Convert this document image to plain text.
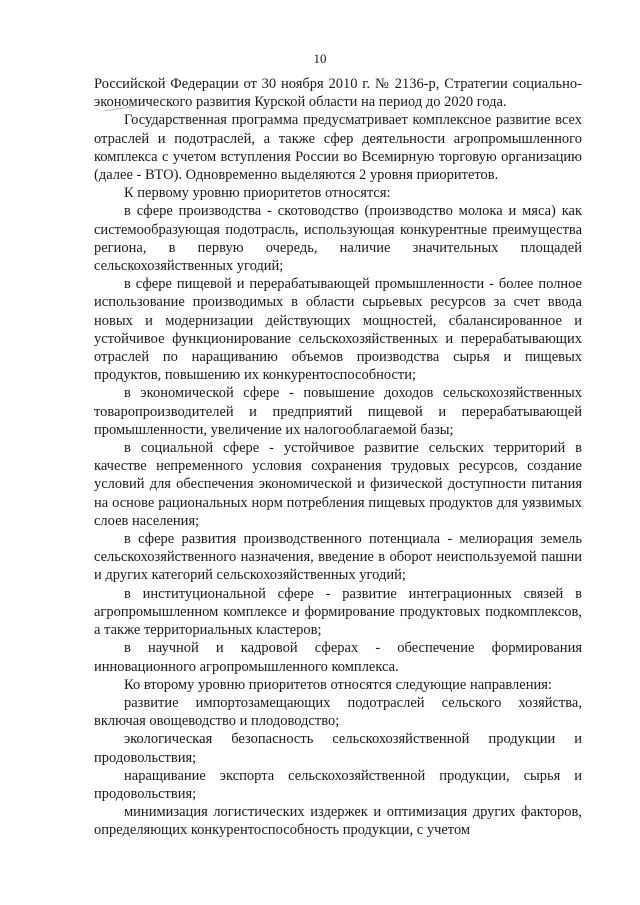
10

Российской Федерации от 30 ноября 2010 г. № 2136-р, Стратегии социально-экономического развития Курской области на период до 2020 года.

Государственная программа предусматривает комплексное развитие всех отраслей и подотраслей, а также сфер деятельности агропромышленного комплекса с учетом вступления России во Всемирную торговую организацию (далее - ВТО). Одновременно выделяются 2 уровня приоритетов.

К первому уровню приоритетов относятся:

в сфере производства - скотоводство (производство молока и мяса) как системообразующая подотрасль, использующая конкурентные преимущества региона, в первую очередь, наличие значительных площадей сельскохозяйственных угодий;

в сфере пищевой и перерабатывающей промышленности - более полное использование производимых в области сырьевых ресурсов за счет ввода новых и модернизации действующих мощностей, сбалансированное и устойчивое функционирование сельскохозяйственных и перерабатывающих отраслей по наращиванию объемов производства сырья и пищевых продуктов, повышению их конкурентоспособности;

в экономической сфере - повышение доходов сельскохозяйственных товаропроизводителей и предприятий пищевой и перерабатывающей промышленности, увеличение их налогооблагаемой базы;

в социальной сфере - устойчивое развитие сельских территорий в качестве непременного условия сохранения трудовых ресурсов, создание условий для обеспечения экономической и физической доступности питания на основе рациональных норм потребления пищевых продуктов для уязвимых слоев населения;

в сфере развития производственного потенциала - мелиорация земель сельскохозяйственного назначения, введение в оборот неиспользуемой пашни и других категорий сельскохозяйственных угодий;

в институциональной сфере - развитие интеграционных связей в агропромышленном комплексе и формирование продуктовых подкомплексов, а также территориальных кластеров;

в научной и кадровой сферах - обеспечение формирования инновационного агропромышленного комплекса.

Ко второму уровню приоритетов относятся следующие направления:

развитие импортозамещающих подотраслей сельского хозяйства, включая овощеводство и плодоводство;

экологическая безопасность сельскохозяйственной продукции и продовольствия;

наращивание экспорта сельскохозяйственной продукции, сырья и продовольствия;

минимизация логистических издержек и оптимизация других факторов, определяющих конкурентоспособность продукции, с учетом
